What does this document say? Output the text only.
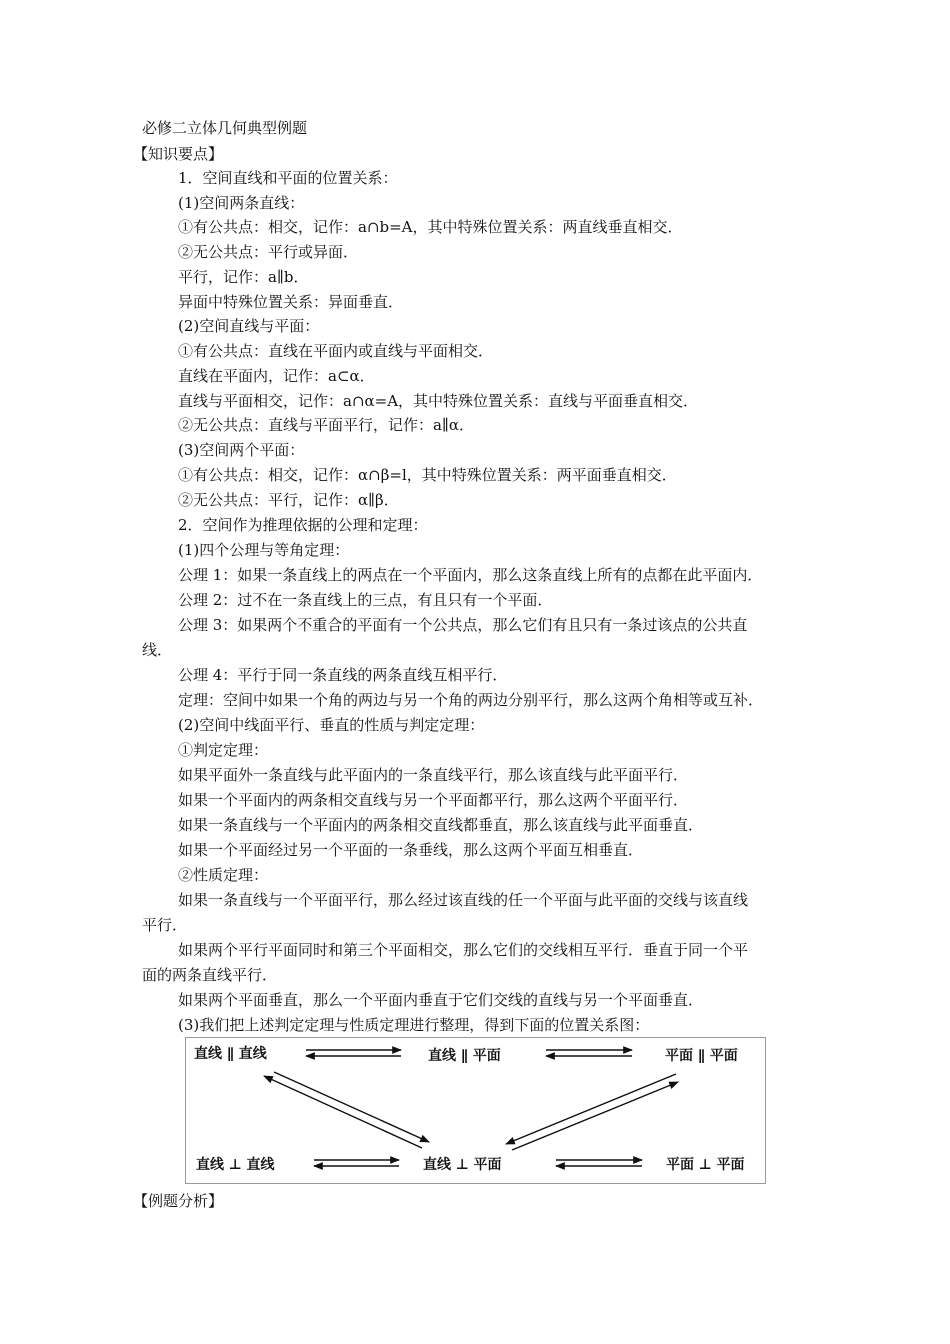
必修二立体几何典型例题
【知识要点】
1．空间直线和平面的位置关系：
(1)空间两条直线：
①有公共点：相交，记作：a∩b=A，其中特殊位置关系：两直线垂直相交．
②无公共点：平行或异面．
平行，记作：a∥b．
异面中特殊位置关系：异面垂直．
(2)空间直线与平面：
①有公共点：直线在平面内或直线与平面相交．
直线在平面内，记作：a⊂α．
直线与平面相交，记作：a∩α=A，其中特殊位置关系：直线与平面垂直相交．
②无公共点：直线与平面平行，记作：a∥α．
(3)空间两个平面：
①有公共点：相交，记作：α∩β=l，其中特殊位置关系：两平面垂直相交．
②无公共点：平行，记作：α∥β．
2．空间作为推理依据的公理和定理：
(1)四个公理与等角定理：
公理 1：如果一条直线上的两点在一个平面内，那么这条直线上所有的点都在此平面内．
公理 2：过不在一条直线上的三点，有且只有一个平面．
公理 3：如果两个不重合的平面有一个公共点，那么它们有且只有一条过该点的公共直
线．
公理 4：平行于同一条直线的两条直线互相平行．
定理：空间中如果一个角的两边与另一个角的两边分别平行，那么这两个角相等或互补．
(2)空间中线面平行、垂直的性质与判定定理：
①判定定理：
如果平面外一条直线与此平面内的一条直线平行，那么该直线与此平面平行．
如果一个平面内的两条相交直线与另一个平面都平行，那么这两个平面平行．
如果一条直线与一个平面内的两条相交直线都垂直，那么该直线与此平面垂直．
如果一个平面经过另一个平面的一条垂线，那么这两个平面互相垂直．
②性质定理：
如果一条直线与一个平面平行，那么经过该直线的任一个平面与此平面的交线与该直线
平行．
如果两个平行平面同时和第三个平面相交，那么它们的交线相互平行．垂直于同一个平
面的两条直线平行．
如果两个平面垂直，那么一个平面内垂直于它们交线的直线与另一个平面垂直．
(3)我们把上述判定定理与性质定理进行整理，得到下面的位置关系图：
直线 ∥ 直线	直线 ∥ 平面	平面 ∥ 平面
直线 ⊥ 直线	直线 ⊥ 平面	平面 ⊥ 平面
【例题分析】
